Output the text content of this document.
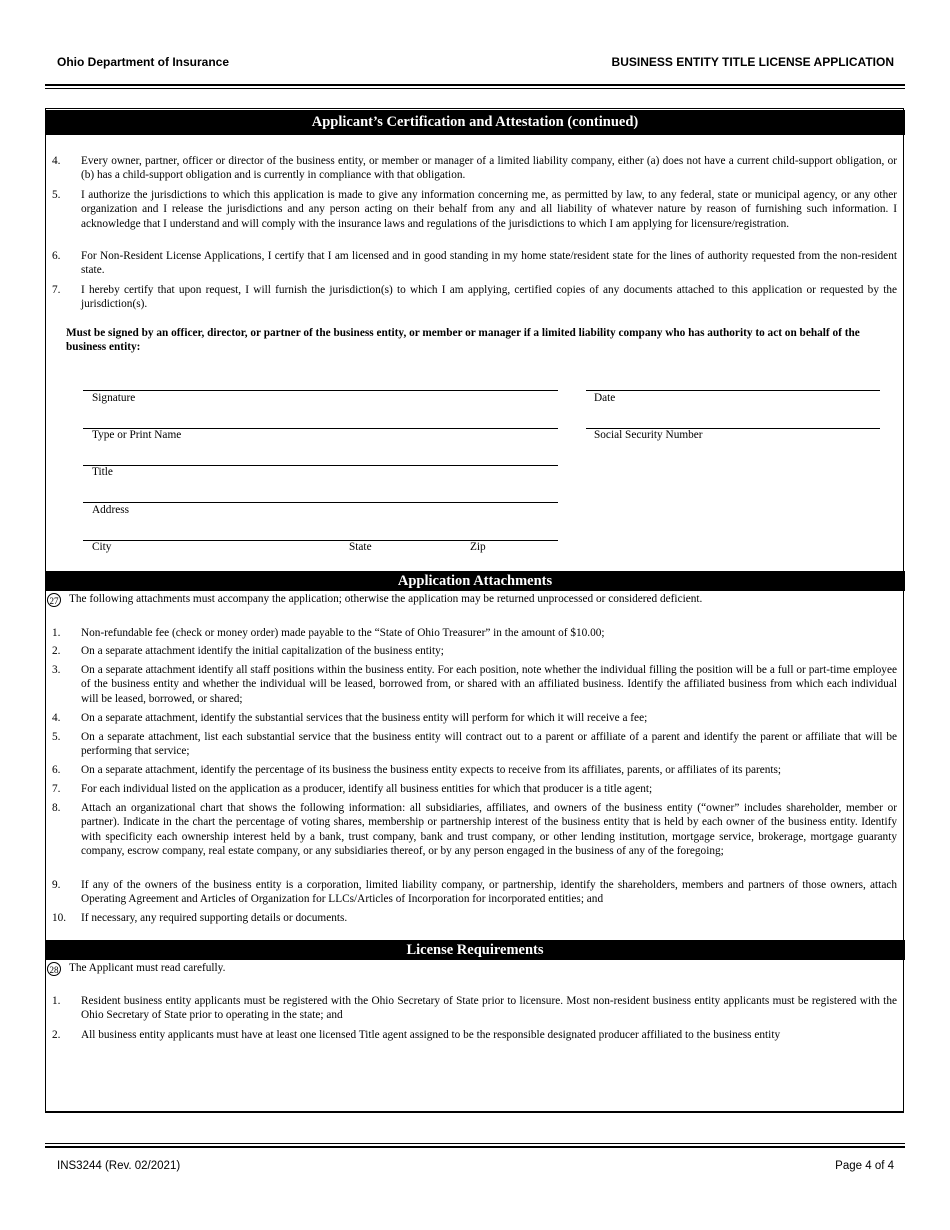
Ohio Department of Insurance	BUSINESS ENTITY TITLE LICENSE APPLICATION
Applicant’s Certification and Attestation (continued)
4. Every owner, partner, officer or director of the business entity, or member or manager of a limited liability company, either (a) does not have a current child-support obligation, or (b) has a child-support obligation and is currently in compliance with that obligation.
5. I authorize the jurisdictions to which this application is made to give any information concerning me, as permitted by law, to any federal, state or municipal agency, or any other organization and I release the jurisdictions and any person acting on their behalf from any and all liability of whatever nature by reason of furnishing such information. I acknowledge that I understand and will comply with the insurance laws and regulations of the jurisdictions to which I am applying for licensure/registration.
6. For Non-Resident License Applications, I certify that I am licensed and in good standing in my home state/resident state for the lines of authority requested from the non-resident state.
7. I hereby certify that upon request, I will furnish the jurisdiction(s) to which I am applying, certified copies of any documents attached to this application or requested by the jurisdiction(s).
Must be signed by an officer, director, or partner of the business entity, or member or manager if a limited liability company who has authority to act on behalf of the business entity:
Signature	Date
Type or Print Name	Social Security Number
Title
Address
City	State	Zip
Application Attachments
27 The following attachments must accompany the application; otherwise the application may be returned unprocessed or considered deficient.
1. Non-refundable fee (check or money order) made payable to the “State of Ohio Treasurer” in the amount of $10.00;
2. On a separate attachment identify the initial capitalization of the business entity;
3. On a separate attachment identify all staff positions within the business entity. For each position, note whether the individual filling the position will be a full or part-time employee of the business entity and whether the individual will be leased, borrowed from, or shared with an affiliated business. Identify the affiliated business from which each individual will be leased, borrowed, or shared;
4. On a separate attachment, identify the substantial services that the business entity will perform for which it will receive a fee;
5. On a separate attachment, list each substantial service that the business entity will contract out to a parent or affiliate of a parent and identify the parent or affiliate that will be performing that service;
6. On a separate attachment, identify the percentage of its business the business entity expects to receive from its affiliates, parents, or affiliates of its parents;
7. For each individual listed on the application as a producer, identify all business entities for which that producer is a title agent;
8. Attach an organizational chart that shows the following information: all subsidiaries, affiliates, and owners of the business entity (“owner” includes shareholder, member or partner). Indicate in the chart the percentage of voting shares, membership or partnership interest of the business entity that is held by each owner of the business entity. Identify with specificity each ownership interest held by a bank, trust company, bank and trust company, or other lending institution, mortgage service, brokerage, mortgage guaranty company, escrow company, real estate company, or any subsidiaries thereof, or by any person engaged in the business of any of the foregoing;
9. If any of the owners of the business entity is a corporation, limited liability company, or partnership, identify the shareholders, members and partners of those owners, attach Operating Agreement and Articles of Organization for LLCs/Articles of Incorporation for incorporated entities; and
10. If necessary, any required supporting details or documents.
License Requirements
28 The Applicant must read carefully.
1. Resident business entity applicants must be registered with the Ohio Secretary of State prior to licensure. Most non-resident business entity applicants must be registered with the Ohio Secretary of State prior to operating in the state; and
2. All business entity applicants must have at least one licensed Title agent assigned to be the responsible designated producer affiliated to the business entity
INS3244 (Rev. 02/2021)	Page 4 of 4
